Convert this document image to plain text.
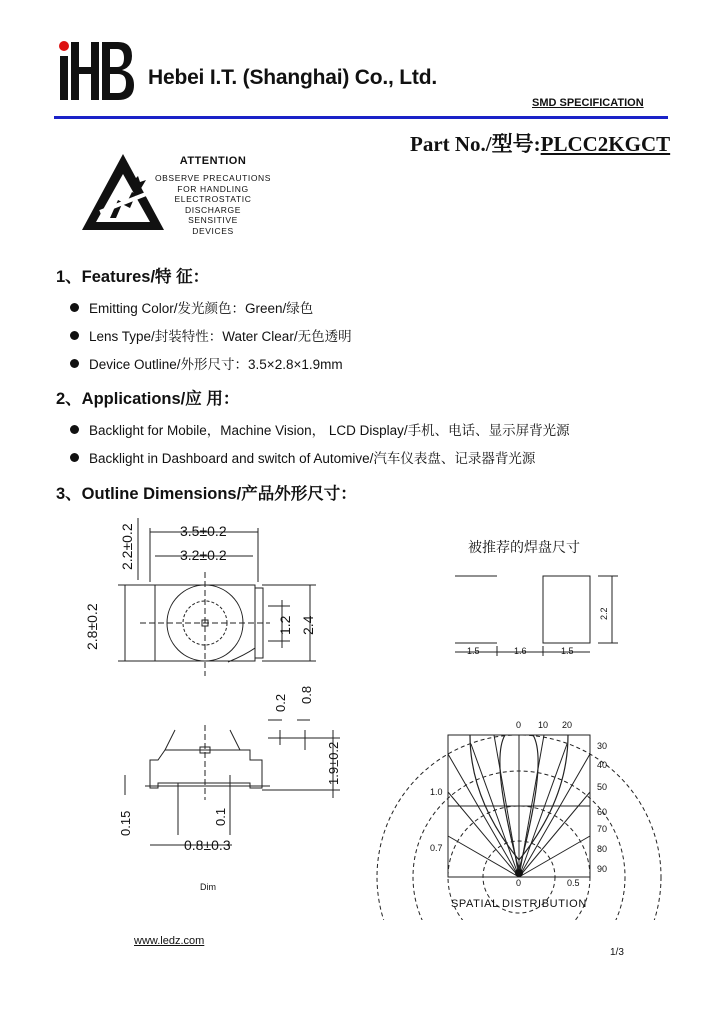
Hebei I.T. (Shanghai) Co., Ltd.
SMD SPECIFICATION
Part No./型号:PLCC2KGCT
ATTENTION
OBSERVE PRECAUTIONS
FOR HANDLING
ELECTROSTATIC
DISCHARGE
SENSITIVE
DEVICES
1、Features/特 征：
Emitting Color/发光颜色：Green/绿色
Lens Type/封装特性：Water Clear/无色透明
Device Outline/外形尺寸：3.5×2.8×1.9mm
2、Applications/应 用：
Backlight for Mobile，Machine Vision， LCD Display/手机、电话、显示屏背光源
Backlight in Dashboard and switch of Automive/汽车仪表盘、记录器背光源
3、Outline Dimensions/产品外形尺寸：
3.5±0.2
3.2±0.2
2.2±0.2
2.8±0.2	1.2 2.4
0.2 0.8
1.9±0.2
0.15	0.1
0.8±0.3
Dim
被推荐的焊盘尺寸
2.2
1.5	1.6	1.5
0 10 20
30
40
50
60
70
80
90
1.0
0.7
0	0.5
SPATIAL DISTRIBUTION
www.ledz.com
1/3
